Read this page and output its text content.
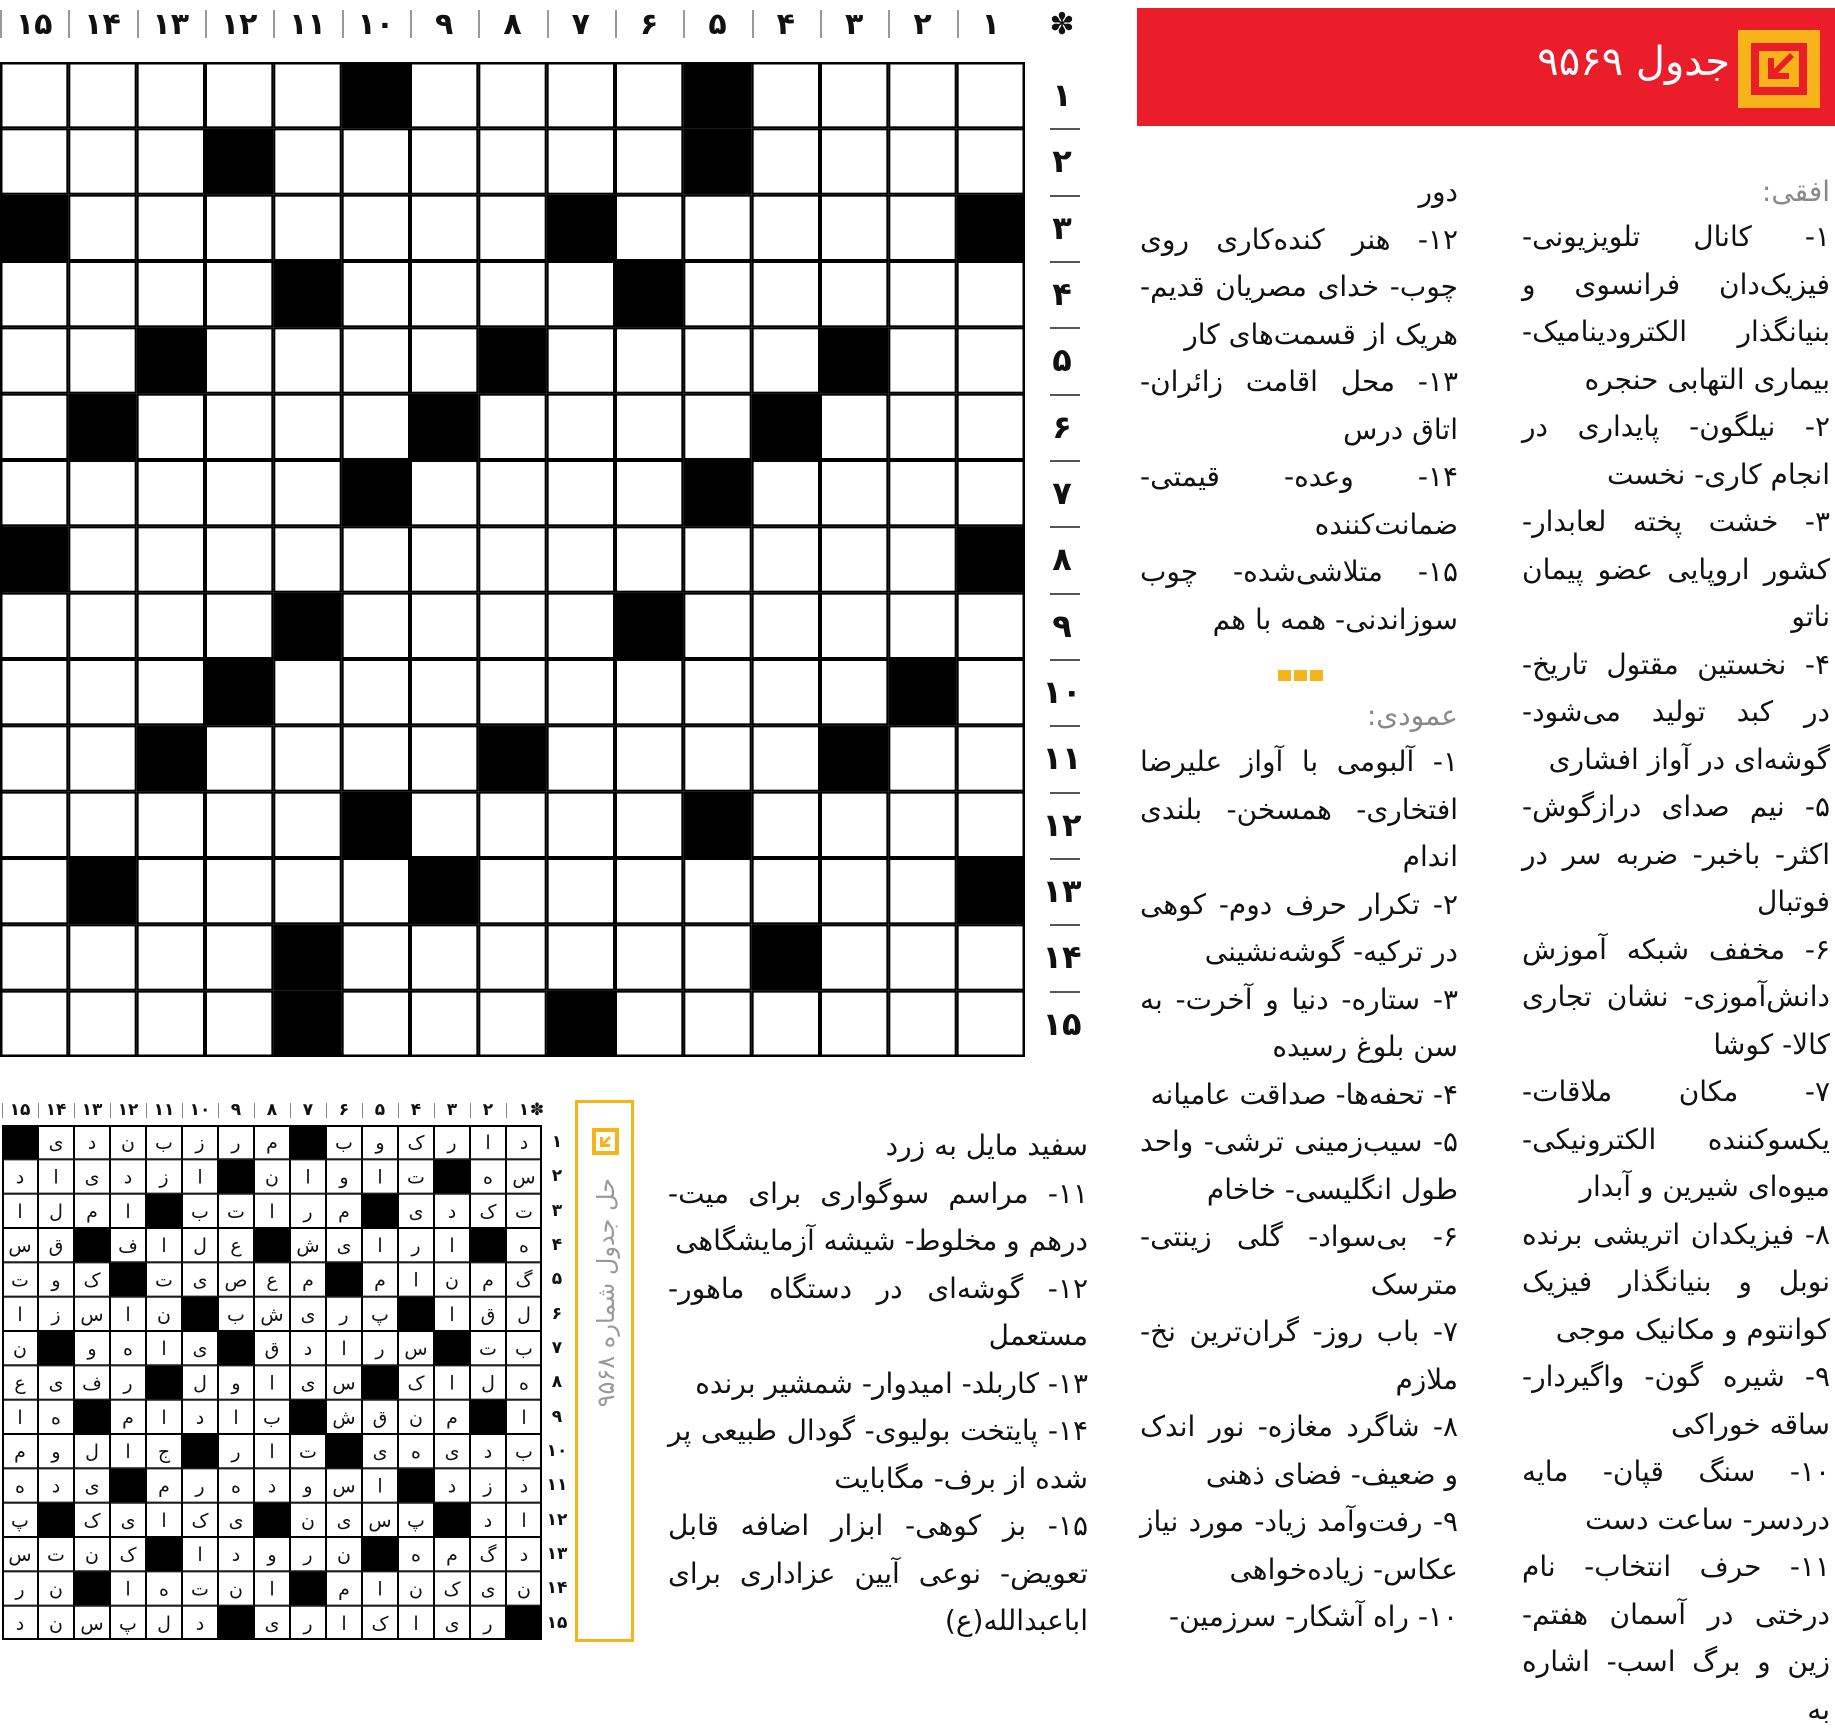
جدول ۹۵۶۹
افقی:
۱- کانال تلویزیونی- فیزیک‌دان فرانسوی و بنیانگذار الکترودینامیک- بیماری التهابی حنجره
۲- نیلگون- پایداری در انجام کاری- نخست
۳- خشت پخته لعابدار- کشور اروپایی عضو پیمان ناتو
۴- نخستین مقتول تاریخ- در کبد تولید می‌شود- گوشه‌ای در آواز افشاری
۵- نیم صدای درازگوش- اکثر- باخبر- ضربه سر در فوتبال
۶- مخفف شبکه آموزش دانش‌آموزی- نشان تجاری کالا- کوشا
۷- مکان ملاقات- یکسوکننده الکترونیکی- میوه‌ای شیرین و آبدار
۸- فیزیکدان اتریشی برنده نوبل و بنیانگذار فیزیک کوانتوم و مکانیک موجی
۹- شیره گون- واگیردار- ساقه خوراکی
۱۰- سنگ قپان- مایه دردسر- ساعت دست
۱۱- حرف انتخاب- نام درختی در آسمان هفتم- زین و برگ اسب- اشاره به
دور
۱۲- هنر کنده‌کاری روی چوب- خدای مصریان قدیم- هریک از قسمت‌های کار
۱۳- محل اقامت زائران- اتاق درس
۱۴- وعده- قیمتی- ضمانت‌کننده
۱۵- متلاشی‌شده- چوب سوزاندنی- همه با هم
عمودی:
۱- آلبومی با آواز علیرضا افتخاری- همسخن- بلندی اندام
۲- تکرار حرف دوم- کوهی در ترکیه- گوشه‌نشینی
۳- ستاره- دنیا و آخرت- به سن بلوغ رسیده
۴- تحفه‌ها- صداقت عامیانه
۵- سیب‌زمینی ترشی- واحد طول انگلیسی- خاخام
۶- بی‌سواد- گلی زینتی- مترسک
۷- باب روز- گران‌ترین نخ- ملازم
۸- شاگرد مغازه- نور اندک و ضعیف- فضای ذهنی
۹- رفت‌وآمد زیاد- مورد نیاز عکاس- زیاده‌خواهی
۱۰- راه آشکار- سرزمین-
سفید مایل به زرد
۱۱- مراسم سوگواری برای میت- درهم و مخلوط- شیشه آزمایشگاهی
۱۲- گوشه‌ای در دستگاه ماهور- مستعمل
۱۳- کاربلد- امیدوار- شمشیر برنده
۱۴- پایتخت بولیوی- گودال طبیعی پر شده از برف- مگابایت
۱۵- بز کوهی- ابزار اضافه قابل تعویض- نوعی آیین عزاداری برای اباعبدالله(ع)
✽
۱
۲
۳
۴
۵
۶
۷
۸
۹
۱۰
۱۱
۱۲
۱۳
۱۴
۱۵
۱
۲
۳
۴
۵
۶
۷
۸
۹
۱۰
۱۱
۱۲
۱۳
۱۴
۱۵
✽
۱
۲
۳
۴
۵
۶
۷
۸
۹
۱۰
۱۱
۱۲
۱۳
۱۴
۱۵
۱
۲
۳
۴
۵
۶
۷
۸
۹
۱۰
۱۱
۱۲
۱۳
۱۴
۱۵
د
ا
ر
ک
و
ب
م
ر
ز
ب
ن
د
ی
س
ه
ت
ا
و
ا
ن
ا
ز
د
ی
ا
د
ت
ک
د
ی
م
ر
ا
ت
ب
ا
م
ل
ا
ه
ا
ر
ا
ی
ش
ع
ل
ا
ف
ق
س
گ
م
ن
ا
م
م
ع
ص
ی
ت
ک
و
ت
ل
ق
ا
پ
ر
ی
ش
ب
ن
ا
س
ز
ا
ب
ت
س
ر
ا
د
ق
ی
ا
ه
و
ن
ه
ل
ا
ک
س
ی
ا
و
ل
ر
ف
ی
ع
ا
م
ن
ق
ش
ب
ا
د
ا
م
ه
ا
ب
د
ی
ه
ی
ت
ا
ر
ج
ا
ل
و
م
د
ز
د
ا
س
و
د
ه
ر
م
ی
د
ه
ا
د
پ
س
ی
ن
ی
ک
ا
ی
ک
پ
د
گ
م
ه
ن
ر
و
د
ا
ک
ن
ت
س
ن
ی
ک
ن
ا
م
ا
ن
ت
ه
ا
ن
ر
ر
ی
ا
ک
ا
ر
ی
د
ل
پ
س
ن
د
حل جدول شماره ۹۵۶۸
